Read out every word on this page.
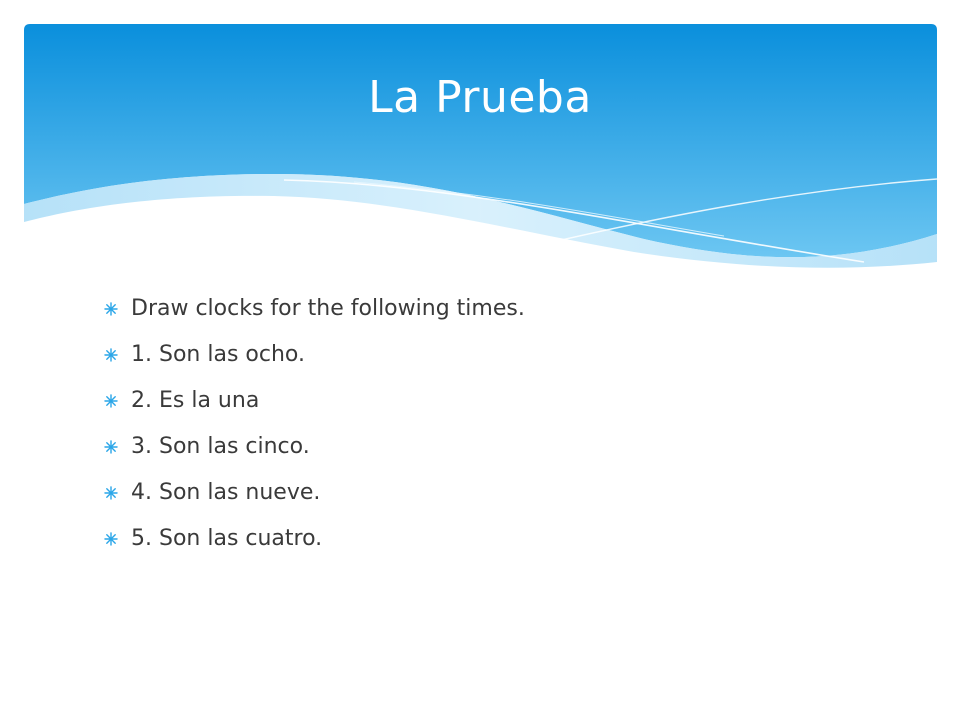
La Prueba
Draw clocks for the following times.
1. Son las ocho.
2. Es la una
3. Son las cinco.
4. Son las nueve.
5. Son las cuatro.
